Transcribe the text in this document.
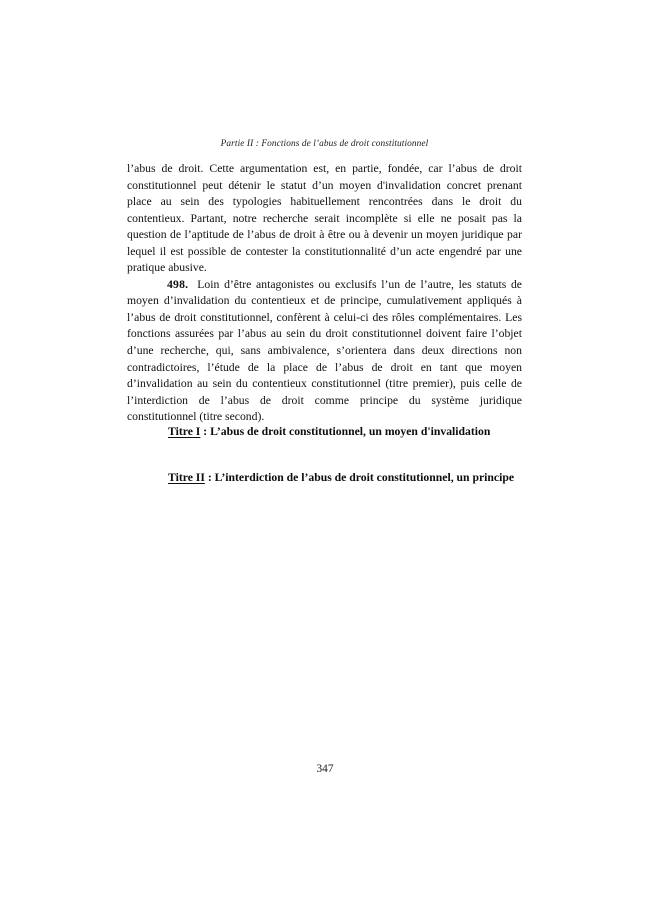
Partie II : Fonctions de l’abus de droit constitutionnel

l’abus de droit. Cette argumentation est, en partie, fondée, car l’abus de droit constitutionnel peut détenir le statut d’un moyen d'invalidation concret prenant place au sein des typologies habituellement rencontrées dans le droit du contentieux. Partant, notre recherche serait incomplète si elle ne posait pas la question de l’aptitude de l’abus de droit à être ou à devenir un moyen juridique par lequel il est possible de contester la constitutionnalité d’un acte engendré par une pratique abusive.

498. Loin d’être antagonistes ou exclusifs l’un de l’autre, les statuts de moyen d’invalidation du contentieux et de principe, cumulativement appliqués à l’abus de droit constitutionnel, confèrent à celui-ci des rôles complémentaires. Les fonctions assurées par l’abus au sein du droit constitutionnel doivent faire l’objet d’une recherche, qui, sans ambivalence, s’orientera dans deux directions non contradictoires, l’étude de la place de l’abus de droit en tant que moyen d’invalidation au sein du contentieux constitutionnel (titre premier), puis celle de l’interdiction de l’abus de droit comme principe du système juridique constitutionnel (titre second).

Titre I : L’abus de droit constitutionnel, un moyen d'invalidation

Titre II : L’interdiction de l’abus de droit constitutionnel, un principe

347
